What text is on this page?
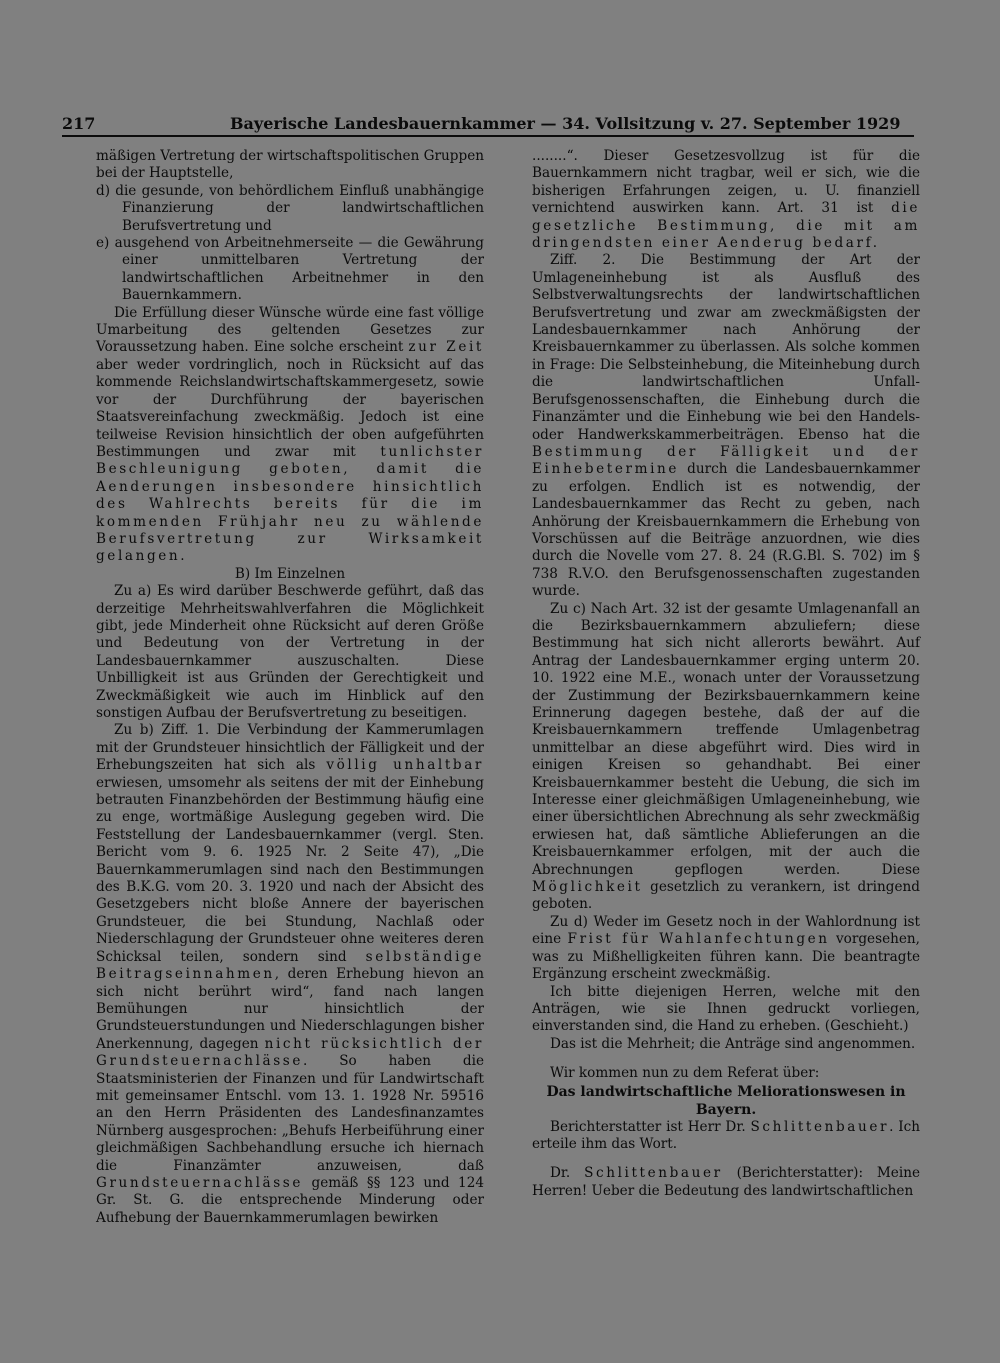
217	Bayerische Landesbauernkammer — 34. Vollsitzung v. 27. September 1929

mäßigen Vertretung der wirtschaftspolitischen Gruppen bei der Hauptstelle,

d) die gesunde, von behördlichem Einfluß unabhängige Finanzierung der landwirtschaftlichen Berufsvertretung und

e) ausgehend von Arbeitnehmerseite — die Gewährung einer unmittelbaren Vertretung der landwirtschaftlichen Arbeitnehmer in den Bauernkammern.

Die Erfüllung dieser Wünsche würde eine fast völlige Umarbeitung des geltenden Gesetzes zur Voraussetzung haben. Eine solche erscheint zur Zeit aber weder vordringlich, noch in Rücksicht auf das kommende Reichslandwirtschaftskammergesetz, sowie vor der Durchführung der bayerischen Staatsvereinfachung zweckmäßig. Jedoch ist eine teilweise Revision hinsichtlich der oben aufgeführten Bestimmungen und zwar mit tunlichster Beschleunigung geboten, damit die Aenderungen insbesondere hinsichtlich des Wahlrechts bereits für die im kommenden Frühjahr neu zu wählende Berufsvertretung zur Wirksamkeit gelangen.

B) Im Einzelnen

Zu a) Es wird darüber Beschwerde geführt, daß das derzeitige Mehrheitswahlverfahren die Möglichkeit gibt, jede Minderheit ohne Rücksicht auf deren Größe und Bedeutung von der Vertretung in der Landesbauernkammer auszuschalten. Diese Unbilligkeit ist aus Gründen der Gerechtigkeit und Zweckmäßigkeit wie auch im Hinblick auf den sonstigen Aufbau der Berufsvertretung zu beseitigen.

Zu b) Ziff. 1. Die Verbindung der Kammerumlagen mit der Grundsteuer hinsichtlich der Fälligkeit und der Erhebungszeiten hat sich als völlig unhaltbar erwiesen, umsomehr als seitens der mit der Einhebung betrauten Finanzbehörden der Bestimmung häufig eine zu enge, wortmäßige Auslegung gegeben wird. Die Feststellung der Landesbauernkammer (vergl. Sten. Bericht vom 9. 6. 1925 Nr. 2 Seite 47), „Die Bauernkammerumlagen sind nach den Bestimmungen des B.K.G. vom 20. 3. 1920 und nach der Absicht des Gesetzgebers nicht bloße Annere der bayerischen Grundsteuer, die bei Stundung, Nachlaß oder Niederschlagung der Grundsteuer ohne weiteres deren Schicksal teilen, sondern sind selbständige Beitragseinnahmen, deren Erhebung hievon an sich nicht berührt wird“, fand nach langen Bemühungen nur hinsichtlich der Grundsteuerstundungen und Niederschlagungen bisher Anerkennung, dagegen nicht rücksichtlich der Grundsteuernachlässe. So haben die Staatsministerien der Finanzen und für Landwirtschaft mit gemeinsamer Entschl. vom 13. 1. 1928 Nr. 59516 an den Herrn Präsidenten des Landesfinanzamtes Nürnberg ausgesprochen: „Behufs Herbeiführung einer gleichmäßigen Sachbehandlung ersuche ich hiernach die Finanzämter anzuweisen, daß Grundsteuernachlässe gemäß §§ 123 und 124 Gr. St. G. die entsprechende Minderung oder Aufhebung der Bauernkammerumlagen bewirken

........“. Dieser Gesetzesvollzug ist für die Bauernkammern nicht tragbar, weil er sich, wie die bisherigen Erfahrungen zeigen, u. U. finanziell vernichtend auswirken kann. Art. 31 ist die gesetzliche Bestimmung, die mit am dringendsten einer Aenderug bedarf.

Ziff. 2. Die Bestimmung der Art der Umlageneinhebung ist als Ausfluß des Selbstverwaltungsrechts der landwirtschaftlichen Berufsvertretung und zwar am zweckmäßigsten der Landesbauernkammer nach Anhörung der Kreisbauernkammer zu überlassen. Als solche kommen in Frage: Die Selbsteinhebung, die Miteinhebung durch die landwirtschaftlichen Unfall-Berufsgenossenschaften, die Einhebung durch die Finanzämter und die Einhebung wie bei den Handels- oder Handwerkskammerbeiträgen. Ebenso hat die Bestimmung der Fälligkeit und der Einhebetermine durch die Landesbauernkammer zu erfolgen. Endlich ist es notwendig, der Landesbauernkammer das Recht zu geben, nach Anhörung der Kreisbauernkammern die Erhebung von Vorschüssen auf die Beiträge anzuordnen, wie dies durch die Novelle vom 27. 8. 24 (R.G.Bl. S. 702) im § 738 R.V.O. den Berufsgenossenschaften zugestanden wurde.

Zu c) Nach Art. 32 ist der gesamte Umlagenanfall an die Bezirksbauernkammern abzuliefern; diese Bestimmung hat sich nicht allerorts bewährt. Auf Antrag der Landesbauernkammer erging unterm 20. 10. 1922 eine M.E., wonach unter der Voraussetzung der Zustimmung der Bezirksbauernkammern keine Erinnerung dagegen bestehe, daß der auf die Kreisbauernkammern treffende Umlagenbetrag unmittelbar an diese abgeführt wird. Dies wird in einigen Kreisen so gehandhabt. Bei einer Kreisbauernkammer besteht die Uebung, die sich im Interesse einer gleichmäßigen Umlageneinhebung, wie einer übersichtlichen Abrechnung als sehr zweckmäßig erwiesen hat, daß sämtliche Ablieferungen an die Kreisbauernkammer erfolgen, mit der auch die Abrechnungen gepflogen werden. Diese Möglichkeit gesetzlich zu verankern, ist dringend geboten.

Zu d) Weder im Gesetz noch in der Wahlordnung ist eine Frist für Wahlanfechtungen vorgesehen, was zu Mißhelligkeiten führen kann. Die beantragte Ergänzung erscheint zweckmäßig.

Ich bitte diejenigen Herren, welche mit den Anträgen, wie sie Ihnen gedruckt vorliegen, einverstanden sind, die Hand zu erheben. (Geschieht.)

Das ist die Mehrheit; die Anträge sind angenommen.

Wir kommen nun zu dem Referat über:

Das landwirtschaftliche Meliorationswesen in Bayern.

Berichterstatter ist Herr Dr. Schlittenbauer. Ich erteile ihm das Wort.

Dr. Schlittenbauer (Berichterstatter): Meine Herren! Ueber die Bedeutung des landwirtschaftlichen
